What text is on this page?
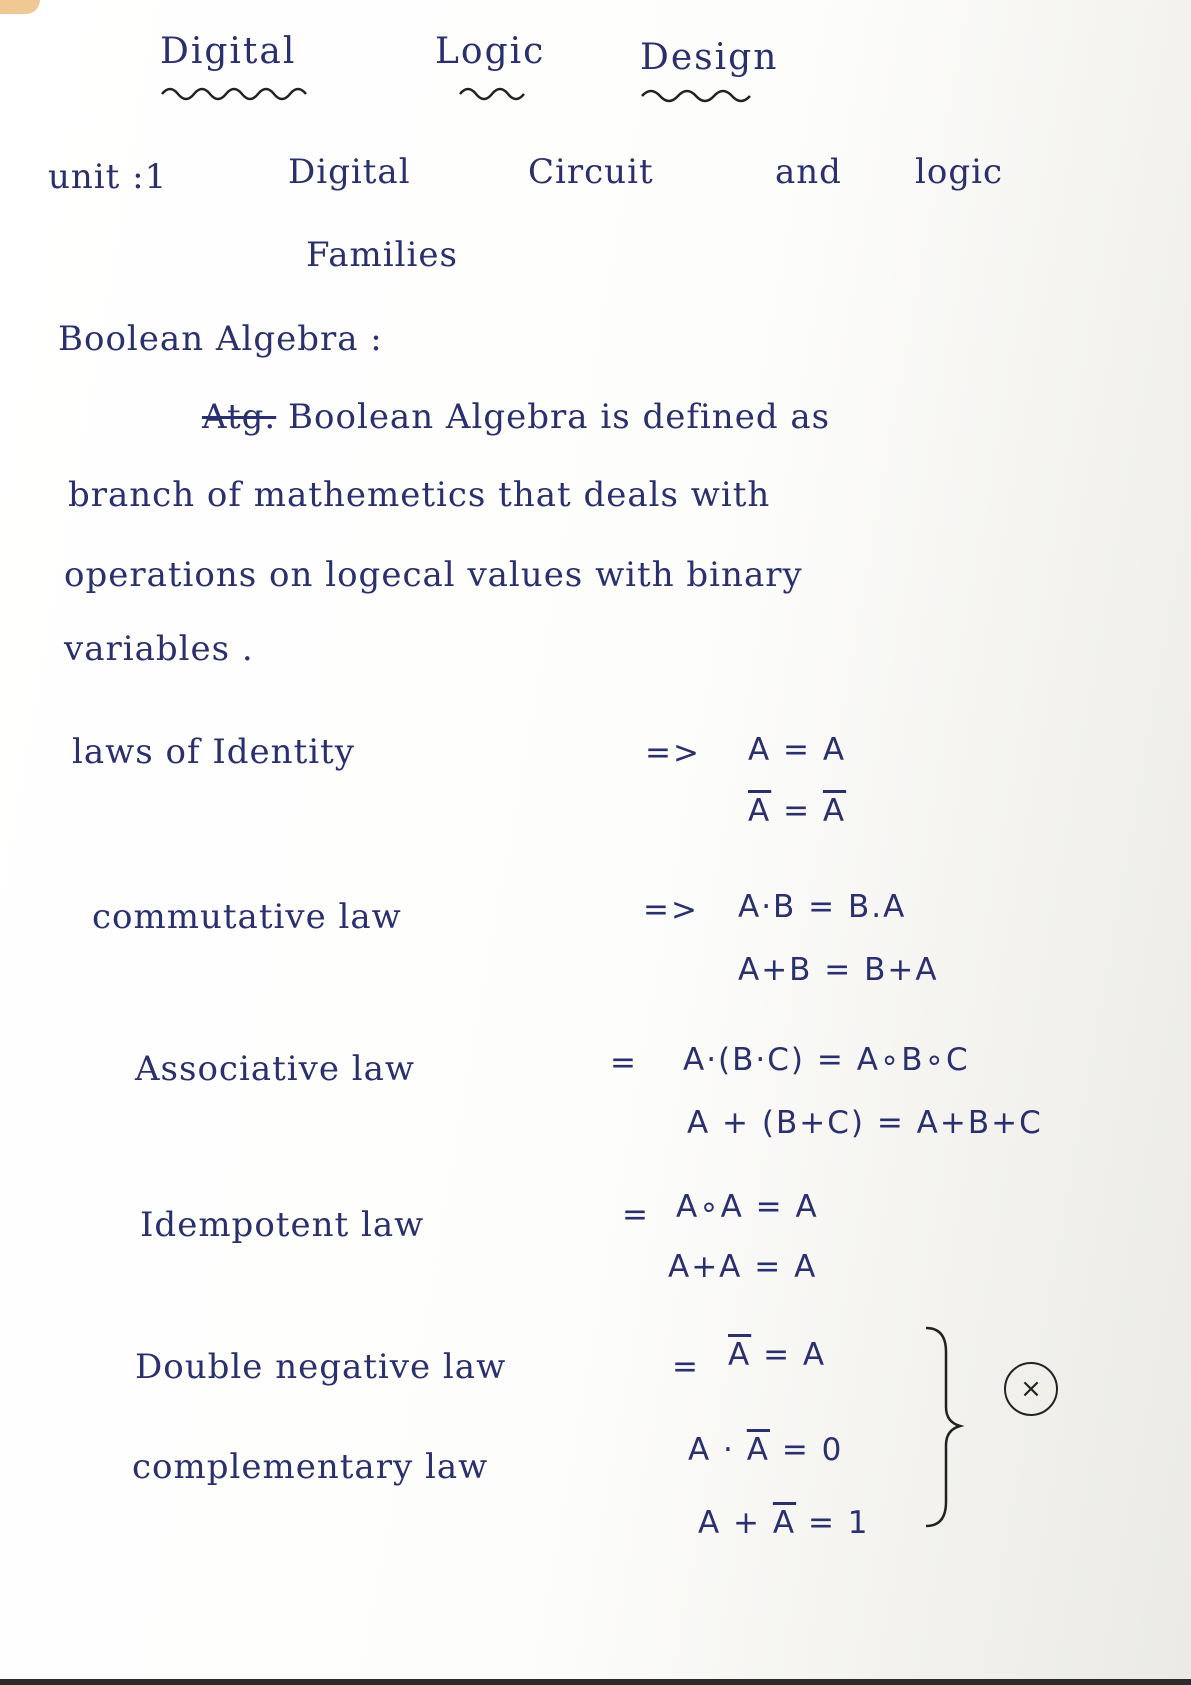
Digital	Logic	Design
unit :1	Digital	Circuit	and logic
Families
Boolean Algebra :
Atg. Boolean Algebra is defined as
branch of mathemetics that deals with
operations on logecal values with binary
variables .
laws of Identity	=> A = A
$\overline{A} = \overline{A}$
commutative law	=> A·B = B.A
A+B = B+A
Associative law	= A·(B·C) = A∘B∘C
A + (B+C) = A+B+C
Idempotent law	= A∘A = A
A+A = A
Double negative law	= $\overline{A} = A$
complementary law	$A \cdot \overline{A} = 0$
$A + \overline{A} = 1$
×
